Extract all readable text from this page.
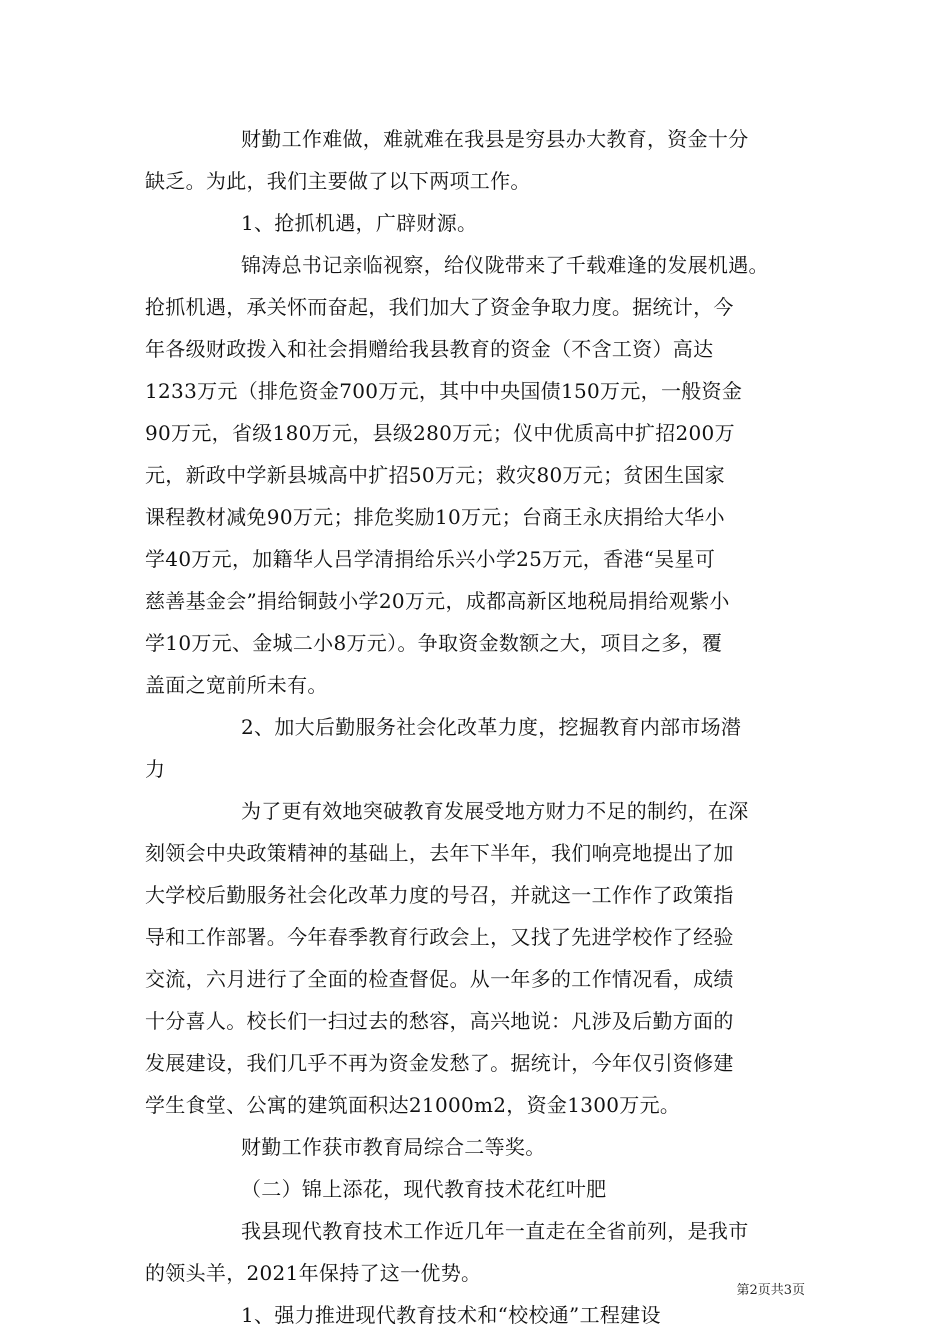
财勤工作难做，难就难在我县是穷县办大教育，资金十分
缺乏。为此，我们主要做了以下两项工作。
1、抢抓机遇，广辟财源。
锦涛总书记亲临视察，给仪陇带来了千载难逢的发展机遇。
抢抓机遇，承关怀而奋起，我们加大了资金争取力度。据统计，今
年各级财政拨入和社会捐赠给我县教育的资金（不含工资）高达
1233万元（排危资金700万元，其中中央国债150万元，一般资金
90万元，省级180万元，县级280万元；仪中优质高中扩招200万
元，新政中学新县城高中扩招50万元；救灾80万元；贫困生国家
课程教材减免90万元；排危奖励10万元；台商王永庆捐给大华小
学40万元，加籍华人吕学清捐给乐兴小学25万元，香港“吴星可
慈善基金会”捐给铜鼓小学20万元，成都高新区地税局捐给观紫小
学10万元、金城二小8万元）。争取资金数额之大，项目之多，覆
盖面之宽前所未有。
2、加大后勤服务社会化改革力度，挖掘教育内部市场潜
力
为了更有效地突破教育发展受地方财力不足的制约，在深
刻领会中央政策精神的基础上，去年下半年，我们响亮地提出了加
大学校后勤服务社会化改革力度的号召，并就这一工作作了政策指
导和工作部署。今年春季教育行政会上，又找了先进学校作了经验
交流，六月进行了全面的检查督促。从一年多的工作情况看，成绩
十分喜人。校长们一扫过去的愁容，高兴地说：凡涉及后勤方面的
发展建设，我们几乎不再为资金发愁了。据统计，今年仅引资修建
学生食堂、公寓的建筑面积达21000m2，资金1300万元。
财勤工作获市教育局综合二等奖。
（二）锦上添花，现代教育技术花红叶肥
我县现代教育技术工作近几年一直走在全省前列，是我市
的领头羊，2021年保持了这一优势。
1、强力推进现代教育技术和“校校通”工程建设
第2页共3页
